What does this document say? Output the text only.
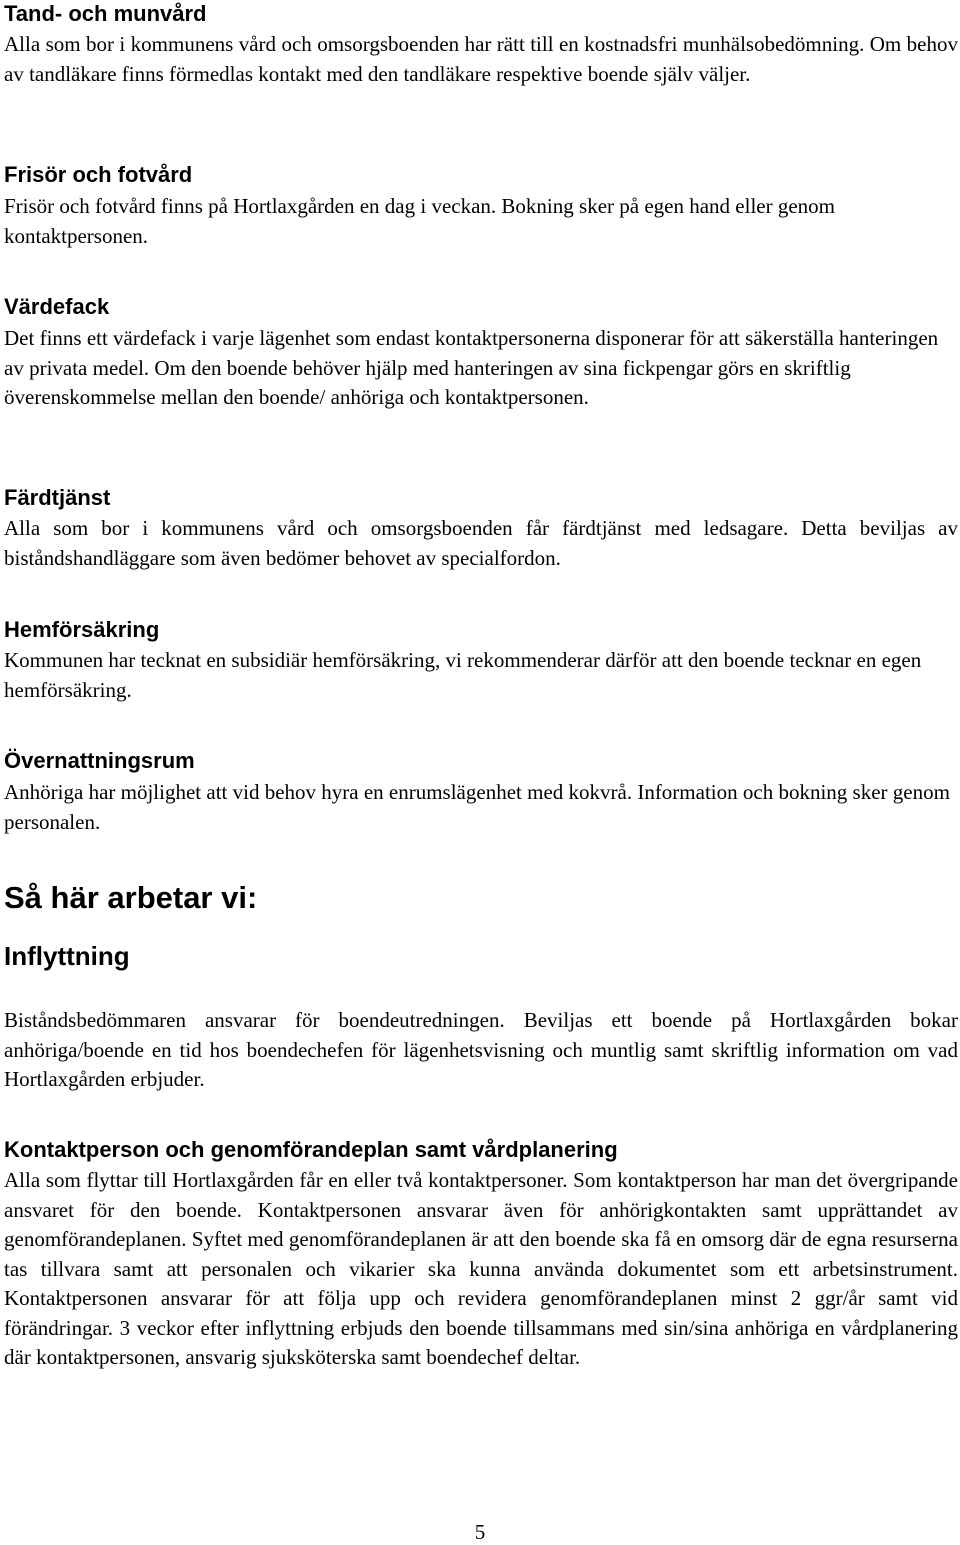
Tand- och munvård

Alla som bor i kommunens vård och omsorgsboenden har rätt till en kostnadsfri munhälsobedömning. Om behov av tandläkare finns förmedlas kontakt med den tandläkare respektive boende själv väljer.

Frisör och fotvård

Frisör och fotvård finns på Hortlaxgården en dag i veckan. Bokning sker på egen hand eller genom kontaktpersonen.

Värdefack

Det finns ett värdefack i varje lägenhet som endast kontaktpersonerna disponerar för att säkerställa hanteringen av privata medel. Om den boende behöver hjälp med hanteringen av sina fickpengar görs en skriftlig överenskommelse mellan den boende/ anhöriga och kontaktpersonen.

Färdtjänst

Alla som bor i kommunens vård och omsorgsboenden får färdtjänst med ledsagare. Detta beviljas av biståndshandläggare som även bedömer behovet av specialfordon.

Hemförsäkring

Kommunen har tecknat en subsidiär hemförsäkring, vi rekommenderar därför att den boende tecknar en egen hemförsäkring.

Övernattningsrum

Anhöriga har möjlighet att vid behov hyra en enrumslägenhet med kokvrå. Information och bokning sker genom personalen.

Så här arbetar vi:
Inflyttning

Biståndsbedömmaren ansvarar för boendeutredningen. Beviljas ett boende på Hortlaxgården bokar anhöriga/boende en tid hos boendechefen för lägenhetsvisning och muntlig samt skriftlig information om vad Hortlaxgården erbjuder.

Kontaktperson och genomförandeplan samt vårdplanering

Alla som flyttar till Hortlaxgården får en eller två kontaktpersoner. Som kontaktperson har man det övergripande ansvaret för den boende. Kontaktpersonen ansvarar även för anhörigkontakten samt upprättandet av genomförandeplanen. Syftet med genomförandeplanen är att den boende ska få en omsorg där de egna resurserna tas tillvara samt att personalen och vikarier ska kunna använda dokumentet som ett arbetsinstrument. Kontaktpersonen ansvarar för att följa upp och revidera genomförandeplanen minst 2 ggr/år samt vid förändringar. 3 veckor efter inflyttning erbjuds den boende tillsammans med sin/sina anhöriga en vårdplanering där kontaktpersonen, ansvarig sjuksköterska samt boendechef deltar.

5
